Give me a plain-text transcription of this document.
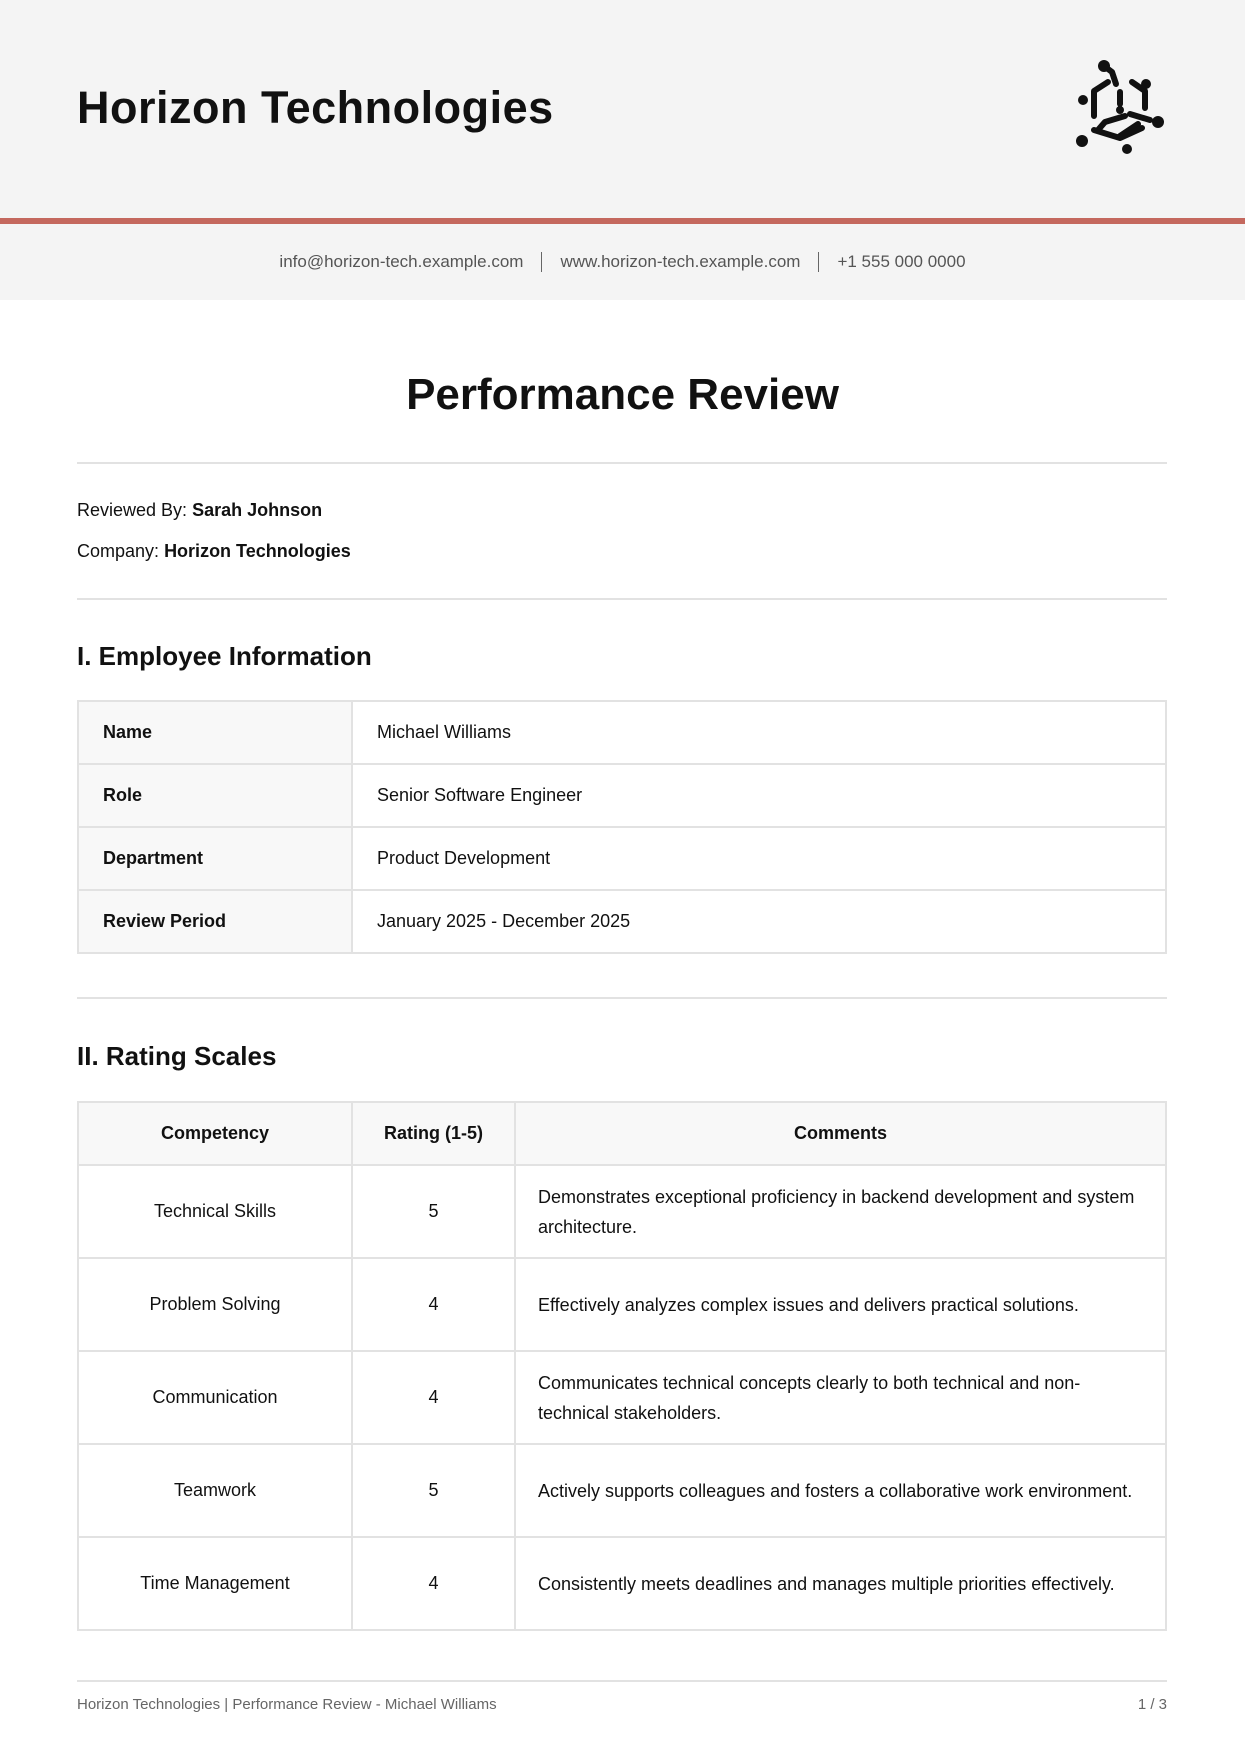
Horizon Technologies
info@horizon-tech.example.com www.horizon-tech.example.com +1 555 000 0000
Performance Review
Reviewed By: Sarah Johnson
Company: Horizon Technologies
I. Employee Information
Name	Michael Williams
Role	Senior Software Engineer
Department	Product Development
Review Period	January 2025 - December 2025
II. Rating Scales
Competency	Rating (1-5)	Comments
Technical Skills	5	Demonstrates exceptional proficiency in backend development and system architecture.
Problem Solving	4	Effectively analyzes complex issues and delivers practical solutions.
Communication	4	Communicates technical concepts clearly to both technical and non-technical stakeholders.
Teamwork	5	Actively supports colleagues and fosters a collaborative work environment.
Time Management	4	Consistently meets deadlines and manages multiple priorities effectively.
Horizon Technologies | Performance Review - Michael Williams	1 / 3
